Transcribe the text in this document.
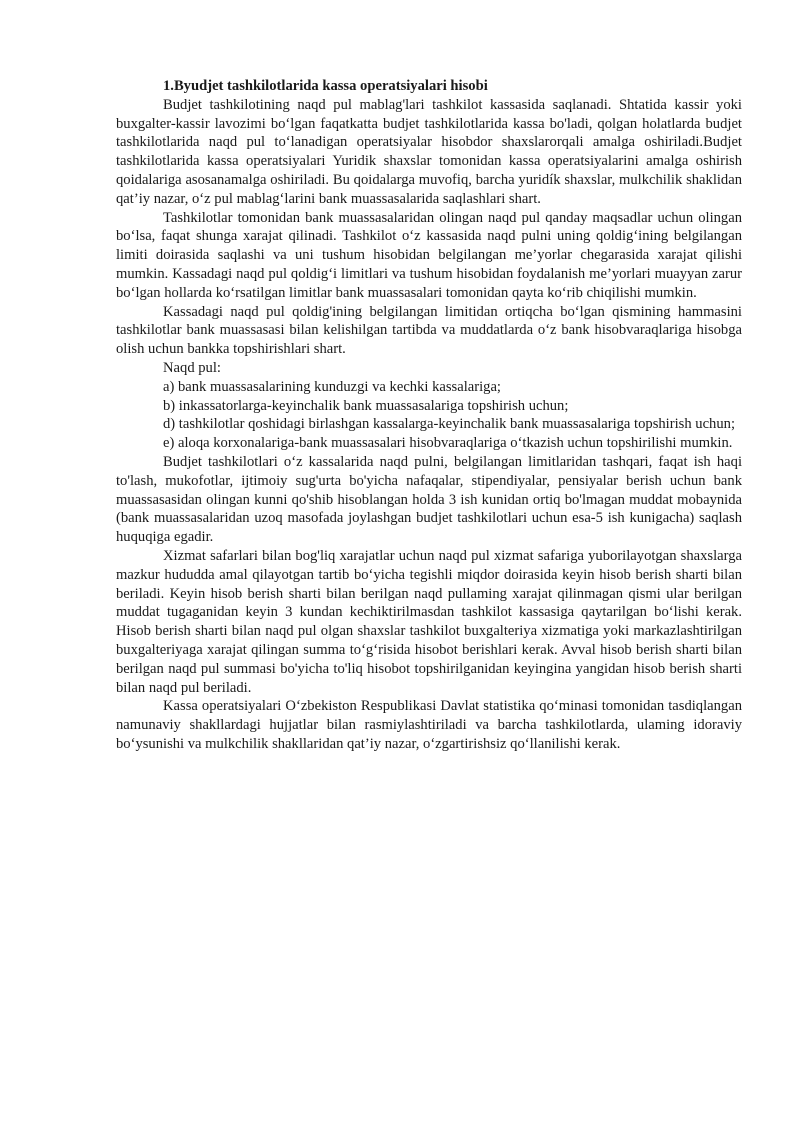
1.Byudjet tashkilotlarida kassa operatsiyalari hisobi

Budjet tashkilotining naqd pul mablag'lari tashkilot kassasida saqlanadi. Shtatida kassir yoki buxgalter-kassir lavozimi bo‘lgan faqatkatta budjet tashkilotlarida kassa bo'ladi, qolgan holatlarda budjet tashkilotlarida naqd pul to‘lanadigan operatsiyalar hisobdor shaxslarorqali amalga oshiriladi.Budjet tashkilotlarida kassa operatsiyalari Yuridik shaxslar tomonidan kassa operatsiyalarini amalga oshirish qoidalariga asosanamalga oshiriladi. Bu qoidalarga muvofiq, barcha yuridík shaxslar, mulkchilik shaklidan qat’iy nazar, o‘z pul mablag‘larini bank muassasalarida saqlashlari shart.

Tashkilotlar tomonidan bank muassasalaridan olingan naqd pul qanday maqsadlar uchun olingan bo‘lsa, faqat shunga xarajat qilinadi. Tashkilot o‘z kassasida naqd pulni uning qoldig‘ining belgilangan limiti doirasida saqlashi va uni tushum hisobidan belgilangan me’yorlar chegarasida xarajat qilishi mumkin. Kassadagi naqd pul qoldig‘i limitlari va tushum hisobidan foydalanish me’yorlari muayyan zarur bo‘lgan hollarda ko‘rsatilgan limitlar bank muassasalari tomonidan qayta ko‘rib chiqilishi mumkin.

Kassadagi naqd pul qoldig'ining belgilangan limitidan ortiqcha bo‘lgan qismining hammasini tashkilotlar bank muassasasi bilan kelishilgan tartibda va muddatlarda o‘z bank hisobvaraqlariga hisobga olish uchun bankka topshirishlari shart.

Naqd pul:

a) bank muassasalarining kunduzgi va kechki kassalariga;

b) inkassatorlarga-keyinchalik bank muassasalariga topshirish uchun;

d) tashkilotlar qoshidagi birlashgan kassalarga-keyinchalik bank muassasalariga topshirish uchun;

e) aloqa korxonalariga-bank muassasalari hisobvaraqlariga o‘tkazish uchun topshirilishi mumkin.

Budjet tashkilotlari o‘z kassalarida naqd pulni, belgilangan limitlaridan tashqari, faqat ish haqi to'lash, mukofotlar, ijtimoiy sug'urta bo'yicha nafaqalar, stipendiyalar, pensiyalar berish uchun bank muassasasidan olingan kunni qo'shib hisoblangan holda 3 ish kunidan ortiq bo'lmagan muddat mobaynida (bank muassasalaridan uzoq masofada joylashgan budjet tashkilotlari uchun esa-5 ish kunigacha) saqlash huquqiga egadir.

Xizmat safarlari bilan bog'liq xarajatlar uchun naqd pul xizmat safariga yuborilayotgan shaxslarga mazkur hududda amal qilayotgan tartib bo‘yicha tegishli miqdor doirasida keyin hisob berish sharti bilan beriladi. Keyin hisob berish sharti bilan berilgan naqd pullaming xarajat qilinmagan qismi ular berilgan muddat tugaganidan keyin 3 kundan kechiktirilmasdan tashkilot kassasiga qaytarilgan bo‘lishi kerak. Hisob berish sharti bilan naqd pul olgan shaxslar tashkilot buxgalteriya xizmatiga yoki markazlashtirilgan buxgalteriyaga xarajat qilingan summa to‘g‘risida hisobot berishlari kerak. Avval hisob berish sharti bilan berilgan naqd pul summasi bo'yicha to'liq hisobot topshirilganidan keyingina yangidan hisob berish sharti bilan naqd pul beriladi.

Kassa operatsiyalari O‘zbekiston Respublikasi Davlat statistika qo‘minasi tomonidan tasdiqlangan namunaviy shakllardagi hujjatlar bilan rasmiylashtiriladi va barcha tashkilotlarda, ulaming idoraviy bo‘ysunishi va mulkchilik shakllaridan qat’iy nazar, o‘zgartirishsiz qo‘llanilishi kerak.
